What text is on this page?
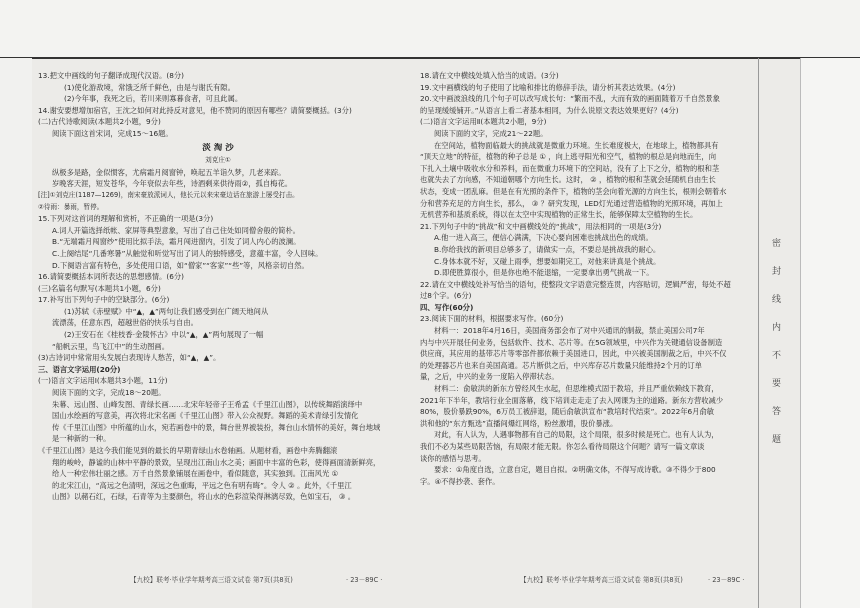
13.把文中画线的句子翻译成现代汉语。(8分)
(1)使化游敌境，常饿乏所千鲜色，由是与谢氏有隙。
(2)今年事，我死之后，若川来则寡暮食者，可且此属。
14.谢安要想增加宿官，王沈之如何对此持反对意见，他不赞同的原因有哪些？请简要概括。(3分)
(二)古代诗歌阅读(本题共2小题，9分)
阅读下面这首宋词，完成15～16题。
淡 淘 沙
刘克庄①
纵极多是路，金似惯客，尤病霜月阅窗钟，唤起五羊诣久梦，几老来踪。
岁晚客天涯，短发苍华，今年衰似去年些，诗酒剩来供待雨②，孤自梅花。
[注]①刘克庄(1187—1269)，南宋豪放派词人，他长元以来宋豪边话在旅游上屡受打击。
②待雨：暴雨，暂停。
15.下列对这首词的理解和赏析，不正确的一项是(3分)
A.词人开篇选择纸帐、家屏等典型意象，写出了自己住处如同僧舍般的简朴。
B.“无端霜月闯窗纱”使用比拟手法，霜月闯进窗内，引发了词人内心的波澜。
C.上阕结尾“几番寒暑”从触觉和听觉写出了词人的独特感受，意蕴丰富，令人回味。
D.下阕语言富有特色，多处使用口语，如“僧家”“客家”“些”等，风格亲切自然。
16.请简要概括本词所表达的思想感情。(6分)
(三)名篇名句默写(本题共1小题，6分)
17.补写出下列句子中的空缺部分。(6分)
(1)苏轼《赤壁赋》中“▲，▲”两句让我们感受到在广阔天地间从
流漂荡，任意东西，超越世俗的快乐与自由。
(2)王安石在《桂枝香·金陵怀古》中以“▲，▲”两句展现了一幅
“船帆云里，鸟飞江中”的生动图画。
(3)古诗词中常常用头发展白表现诗人愁苦，如“▲，▲”。
三、语言文字运用(20分)
(一)语言文字运用Ⅰ(本题共3小题，11分)
阅读下面的文字，完成18～20题。
朱幕、远山图、山峰发图、青绿长画……北宋年轻帝子王希孟《千里江山图》，以传统舞蹈演绎中
国山水绘画的写意美，再次将北宋名画《千里江山图》带入公众视野。舞蹈的美术青绿引发情化
传《千里江山图》中所蕴的山水，宛若画卷中的景，舞台世界被装扮，舞台山水情怀的美好，舞台地域
是一种新的一种。
《千里江山图》是这今我们能见到的最长的早期青绿山水卷轴画。从题材看，画卷中奔腾翻滚
翔的峻岭，静谧的山林中平静的景致，呈现出江南山水之美；画面中丰富的色彩，使得画面清新鲜亮，
给人一种宏伟壮丽之感。万千自然景象铺展在画卷中，看似随意，其实独到。江南风光 ①
的北宋江山，“高远之色清明，深远之色重晦，平远之色有明有晦”。令人 ② 。此外，《千里江
山图》以赭石红，石绿，石青等为主要颜色，将山水的色彩渲染得淋漓尽致，色如宝石， ③ 。
18.请在文中横线处填入恰当的成语。(3分)
19.文中画横线的句子使用了比喻和排比的修辞手法，请分析其表达效果。(4分)
20.文中画波浪线的几个句子可以改写成长句：“繁而不乱，大而有致的画面随着万千自然景象
的呈现缓缓铺开。”从语言上看二者基本相同，为什么说原文表达效果更好？(4分)
(二)语言文字运用Ⅱ(本题共2小题，9分)
阅读下面的文字，完成21～22题。
在空间站，植物面临最大的挑战就是微重力环境。生长难度极大，在地球上，植物都具有
“顶天立地”的特征，植物的种子总是 ① ，向上逃寻阳光和空气，植物的根总是向地而生，向
下扎入土壤中吸收水分和养料，而在微重力环境下的空间站，没有了上下之分，植物的根和茎
也就失去了方向感，不知道朝哪个方向生长。这时， ② ，植物的根和茎就会延随机自由生长
状态，变成一团乱麻。但是在有光照的条件下，植物的茎会向着光源的方向生长，根则会朝着水
分和营养充足的方向生长，那么， ③ ？研究发现，LED灯光通过营造植物的光照环境，再加上
无机营养和基质系统，得以在太空中实现植物的正常生长，能够保障太空植物的生长。
21.下列句子中的“挑战”和文中画横线处的“挑战”，用法相同的一项是(3分)
A.他一进入高三，便信心满满，下决心要向困难也挑战出色的成绩。
B.你给我找的新项目总够多了，请做实一点，不要总是挑战我的耐心。
C.身体本就不好，又碰上雨季，想要如期完工，对他来讲真是个挑战。
D.即使胜算很小，但是你也绝不能退缩，一定要拿出勇气挑战一下。
22.请在文中横线处补写恰当的语句，使整段文字语意完整连贯，内容贴切，逻辑严密，每处不超
过8个字。(6分)
四、写作(60分)
23.阅读下面的材料，根据要求写作。(60分)
材料一：2018年4月16日，美国商务部会布了对中兴通讯的制裁，禁止美国公司7年
内与中兴开展任何业务，包括软件、技术、芯片等。在5G领域里，中兴作为关键通信设备制造
供应商，其应用的基带芯片等零部件都依赖于美国进口，因此，中兴被美国制裁之后，中兴不仅
的处理器芯片也来自美国高通。芯片断供之后，中兴库存芯片数量只能维持2个月的订单
量，之后，中兴的业务一度陷入停滞状态。
材料二：俞敏洪的新东方曾经风生水起，但思维模式固于教培，并且严重依赖线下教育，
2021年下半年，教培行业全面落幕，线下培训走走走了去入网课为主的道路。新东方营收减少
80%，股价暴跌90%，6万员工被辞退，随后俞敏洪宣布“教培时代结束”。2022年6月俞敏
洪和他的“东方甄选”直播间爆红网络，粉丝激增，股价暴涨。
对此，有人认为，人遇事物都有自己的局限，这个局限，很多时候是死亡。也有人认为，
我们不必为某些局限苦恼，有局限才能无限。你怎么看待局限这个问题？请写一篇文章谈
谈你的感悟与思考。
要求：①角度自选，立意自定，题目自拟。②明确文体，不得写成诗歌。③不得少于800
字。④不得抄袭、套作。
密
封
线
内
不
要
答
题
【九校】联考·毕业学年期考高三语文试卷 第7页(共8页)	· 23－89C ·	【九校】联考·毕业学年期考高三语文试卷 第8页(共8页)	· 23－89C ·
